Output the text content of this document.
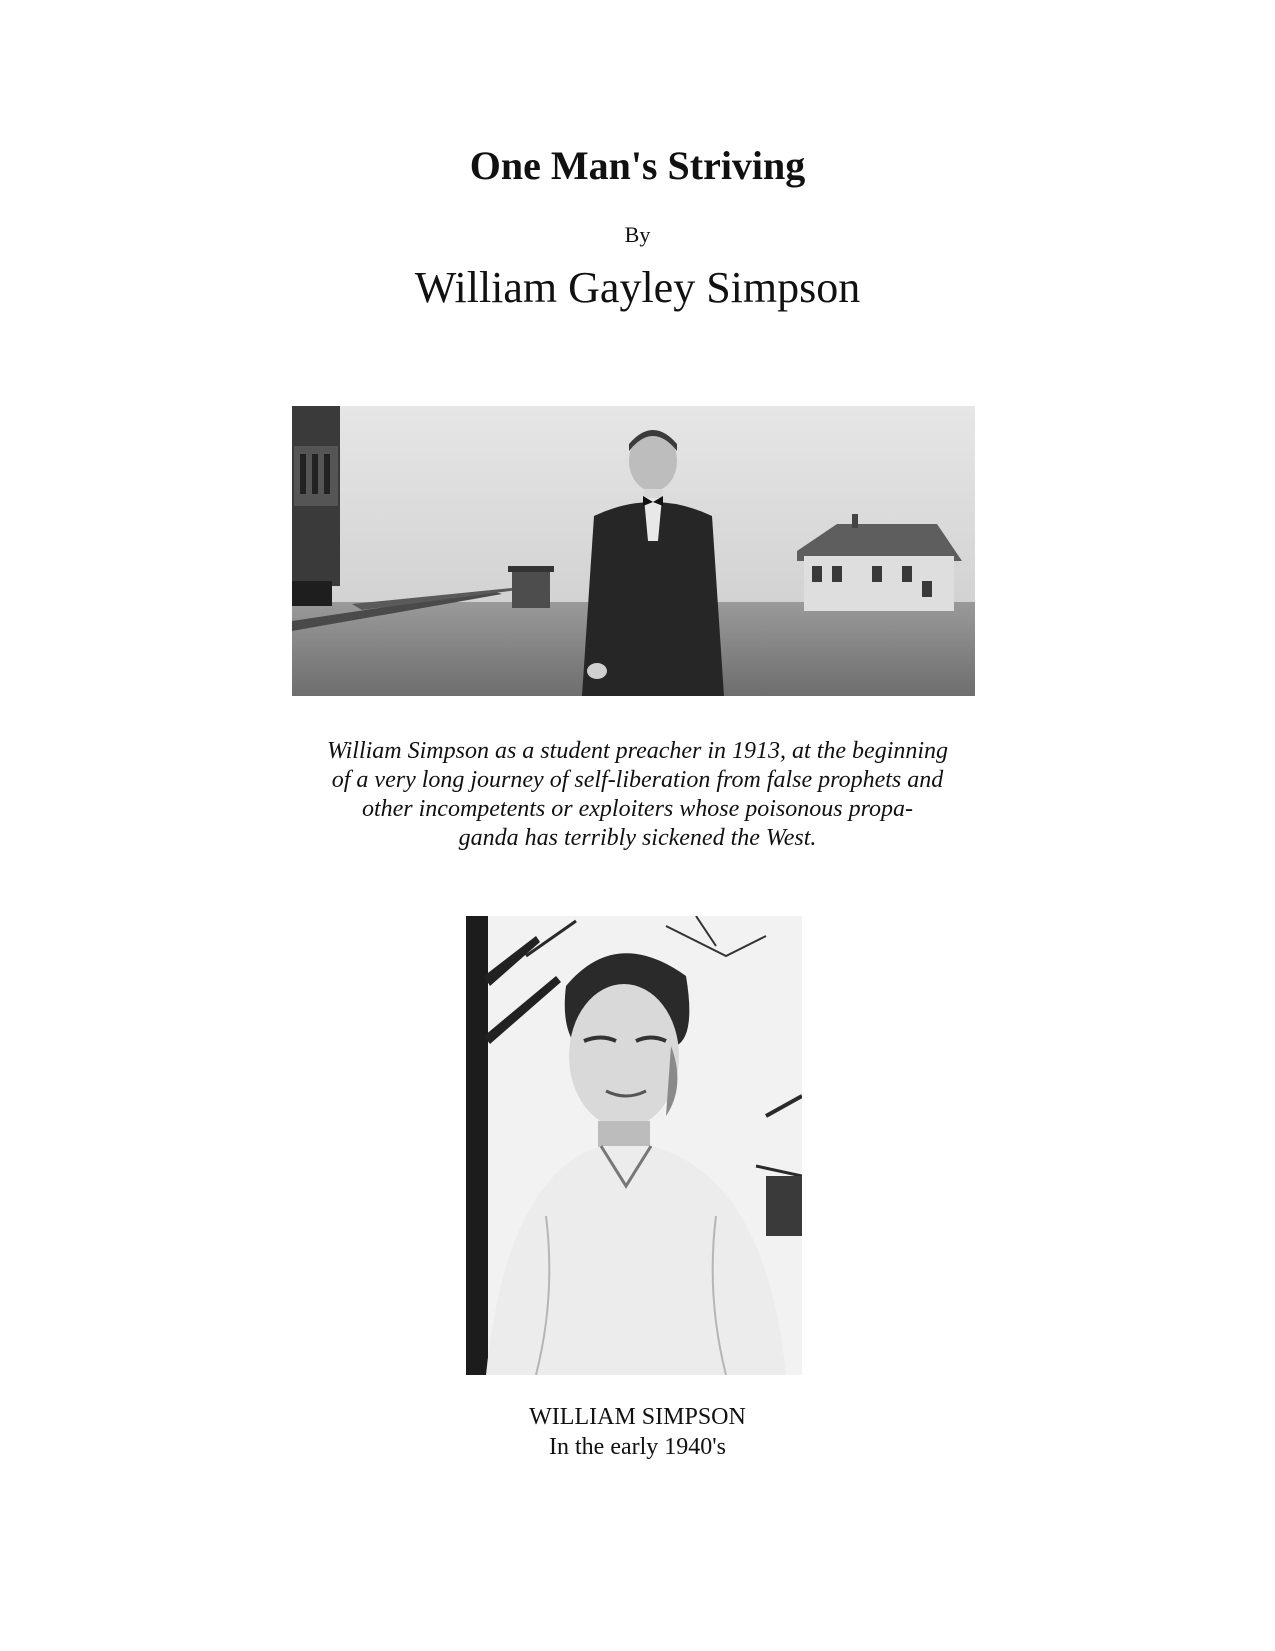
One Man's Striving
By
William Gayley Simpson
William Simpson as a student preacher in 1913, at the beginning
of a very long journey of self-liberation from false prophets and
other incompetents or exploiters whose poisonous propa-
ganda has terribly sickened the West.
WILLIAM SIMPSON
In the early 1940's
